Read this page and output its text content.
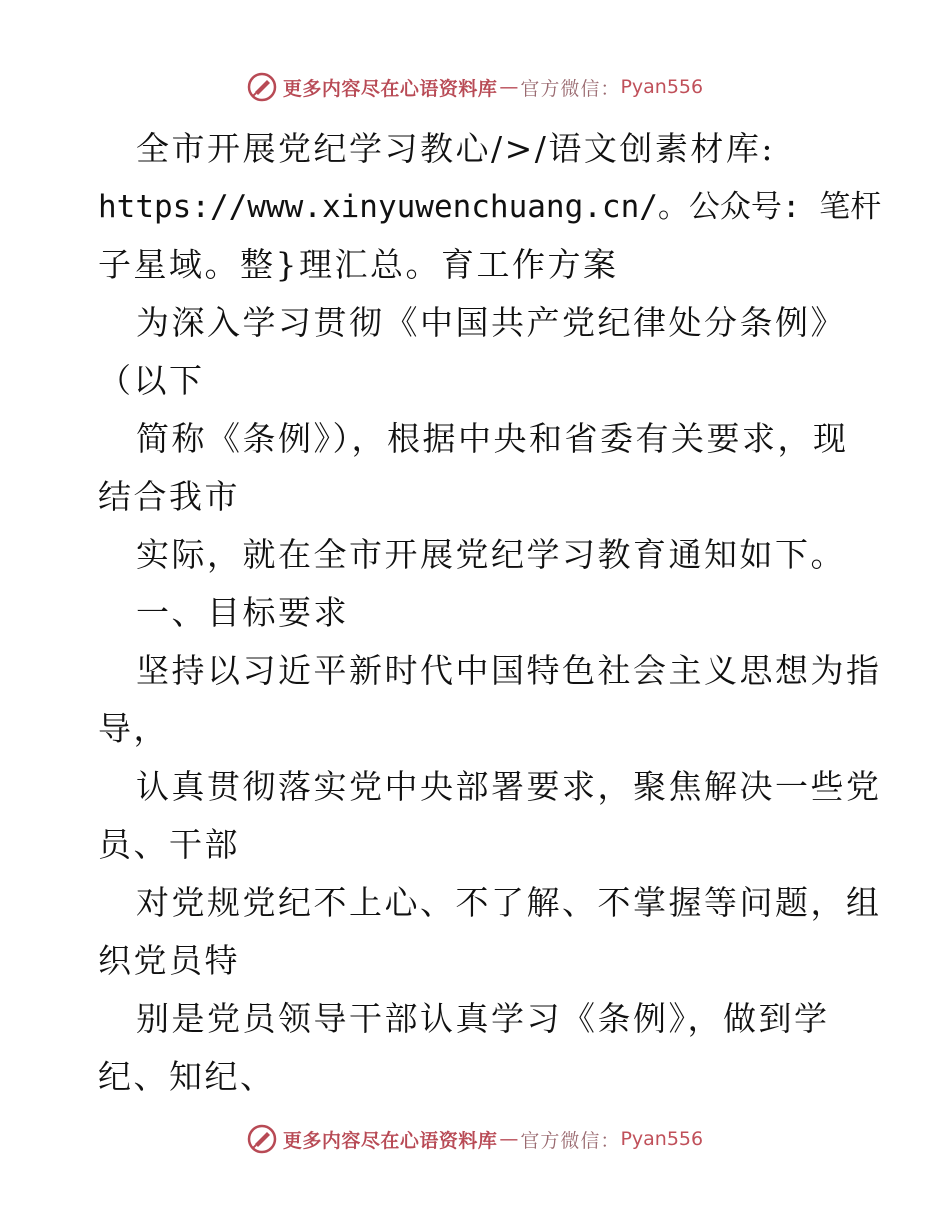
更多内容尽在心语资料库 — 官方微信： Pyan556
全市开展党纪学习教心/>/语文创素材库:
https://www.xinyuwenchuang.cn/。公众号: 笔杆
子星域。整}理汇总。育工作方案
为深入学习贯彻《中国共产党纪律处分条例》
（以下
简称《条例》），根据中央和省委有关要求，现
结合我市
实际，就在全市开展党纪学习教育通知如下。
一、目标要求
坚持以习近平新时代中国特色社会主义思想为指
导，
认真贯彻落实党中央部署要求，聚焦解决一些党
员、干部
对党规党纪不上心、不了解、不掌握等问题，组
织党员特
别是党员领导干部认真学习《条例》，做到学
纪、知纪、
更多内容尽在心语资料库 — 官方微信： Pyan556
